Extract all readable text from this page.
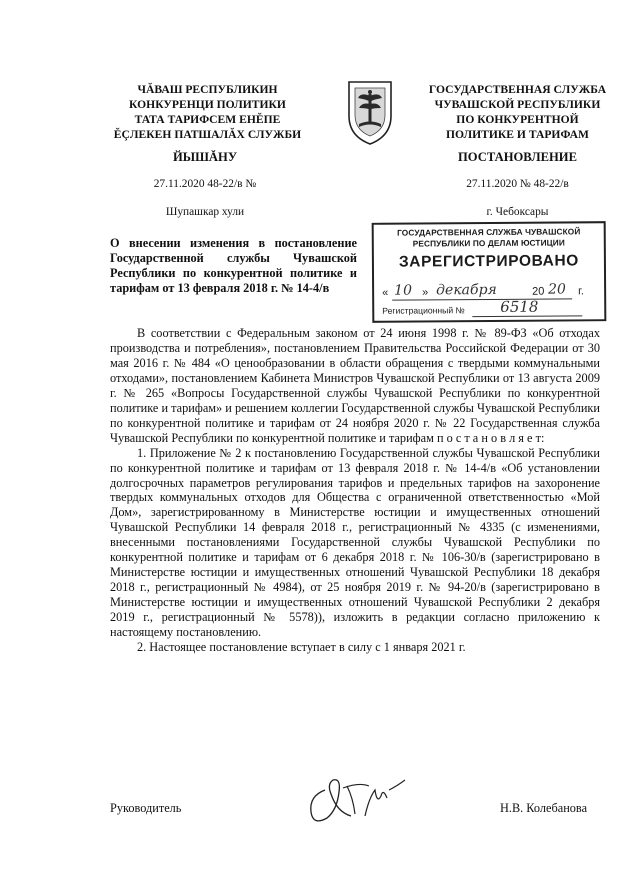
ЧĂВАШ РЕСПУБЛИКИН
КОНКУРЕНЦИ ПОЛИТИКИ
ТАТА ТАРИФСЕМ ЕНĔПЕ
ĔÇЛЕКЕН ПАТШАЛĂХ СЛУЖБИ
ГОСУДАРСТВЕННАЯ СЛУЖБА
ЧУВАШСКОЙ РЕСПУБЛИКИ
ПО КОНКУРЕНТНОЙ
ПОЛИТИКЕ И ТАРИФАМ
ЙЫШĂНУ	ПОСТАНОВЛЕНИЕ
27.11.2020 48-22/в №	27.11.2020 № 48-22/в
Шупашкар хули	г. Чебоксары
О внесении изменения в постановление Государственной службы Чувашской Республики по конкурентной политике и тарифам от 13 февраля 2018 г. № 14-4/в
ГОСУДАРСТВЕННАЯ СЛУЖБА ЧУВАШСКОЙ
РЕСПУБЛИКИ ПО ДЕЛАМ ЮСТИЦИИ
ЗАРЕГИСТРИРОВАНО
« 10 » декабря	20 20 г.
Регистрационный № 6518

В соответствии с Федеральным законом от 24 июня 1998 г. № 89-ФЗ «Об отходах производства и потребления», постановлением Правительства Российской Федерации от 30 мая 2016 г. № 484 «О ценообразовании в области обращения с твердыми коммунальными отходами», постановлением Кабинета Министров Чувашской Республики от 13 августа 2009 г. № 265 «Вопросы Государственной службы Чувашской Республики по конкурентной политике и тарифам» и решением коллегии Государственной службы Чувашской Республики по конкурентной политике и тарифам от 24 ноября 2020 г. № 22 Государственная служба Чувашской Республики по конкурентной политике и тарифам п о с т а н о в л я е т:

1. Приложение № 2 к постановлению Государственной службы Чувашской Республики по конкурентной политике и тарифам от 13 февраля 2018 г. № 14-4/в «Об установлении долгосрочных параметров регулирования тарифов и предельных тарифов на захоронение твердых коммунальных отходов для Общества с ограниченной ответственностью «Мой Дом», зарегистрированному в Министерстве юстиции и имущественных отношений Чувашской Республики 14 февраля 2018 г., регистрационный № 4335 (с изменениями, внесенными постановлениями Государственной службы Чувашской Республики по конкурентной политике и тарифам от 6 декабря 2018 г. № 106-30/в (зарегистрировано в Министерстве юстиции и имущественных отношений Чувашской Республики 18 декабря 2018 г., регистрационный № 4984), от 25 ноября 2019 г. № 94-20/в (зарегистрировано в Министерстве юстиции и имущественных отношений Чувашской Республики 2 декабря 2019 г., регистрационный № 5578)), изложить в редакции согласно приложению к настоящему постановлению.

2. Настоящее постановление вступает в силу с 1 января 2021 г.

Руководитель	Н.В. Колебанова
